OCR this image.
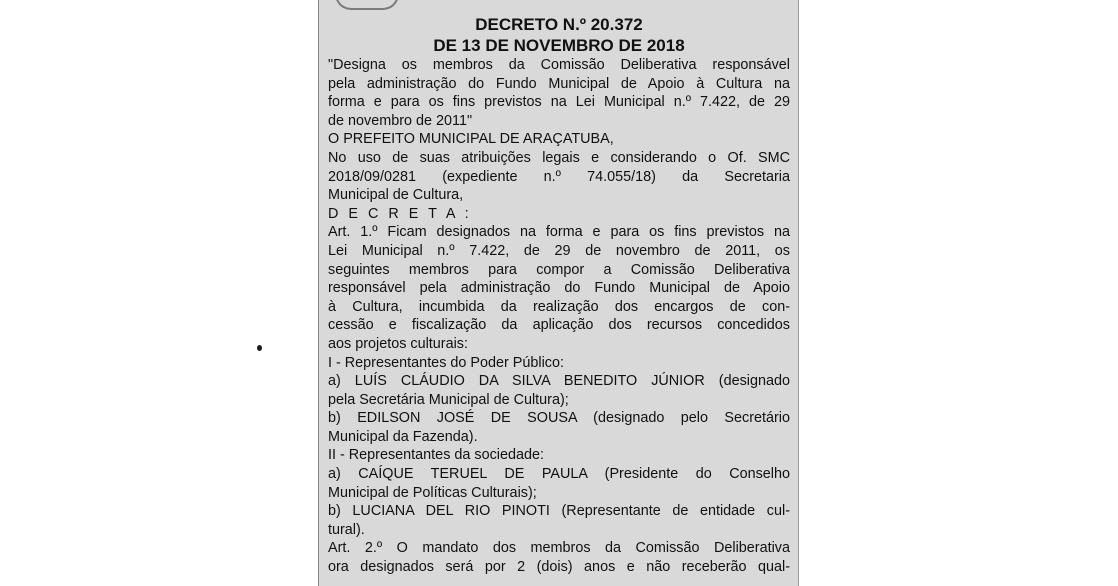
DECRETO N.º 20.372

DE 13 DE NOVEMBRO DE 2018

"Designa os membros da Comissão Deliberativa responsável

pela administração do Fundo Municipal de Apoio à Cultura na

forma e para os fins previstos na Lei Municipal n.º 7.422, de 29

de novembro de 2011"

O PREFEITO MUNICIPAL DE ARAÇATUBA,

No uso de suas atribuições legais e considerando o Of. SMC

2018/09/0281 (expediente n.º 74.055/18) da Secretaria

Municipal de Cultura,

D E C R E T A :

Art. 1.º Ficam designados na forma e para os fins previstos na

Lei Municipal n.º 7.422, de 29 de novembro de 2011, os

seguintes membros para compor a Comissão Deliberativa

responsável pela administração do Fundo Municipal de Apoio

à Cultura, incumbida da realização dos encargos de con-

cessão e fiscalização da aplicação dos recursos concedidos

aos projetos culturais:

I - Representantes do Poder Público:

a) LUÍS CLÁUDIO DA SILVA BENEDITO JÚNIOR (designado

pela Secretária Municipal de Cultura);

b) EDILSON JOSÉ DE SOUSA (designado pelo Secretário

Municipal da Fazenda).

II - Representantes da sociedade:

a) CAÍQUE TERUEL DE PAULA (Presidente do Conselho

Municipal de Políticas Culturais);

b) LUCIANA DEL RIO PINOTI (Representante de entidade cul-

tural).

Art. 2.º O mandato dos membros da Comissão Deliberativa

ora designados será por 2 (dois) anos e não receberão qual-
